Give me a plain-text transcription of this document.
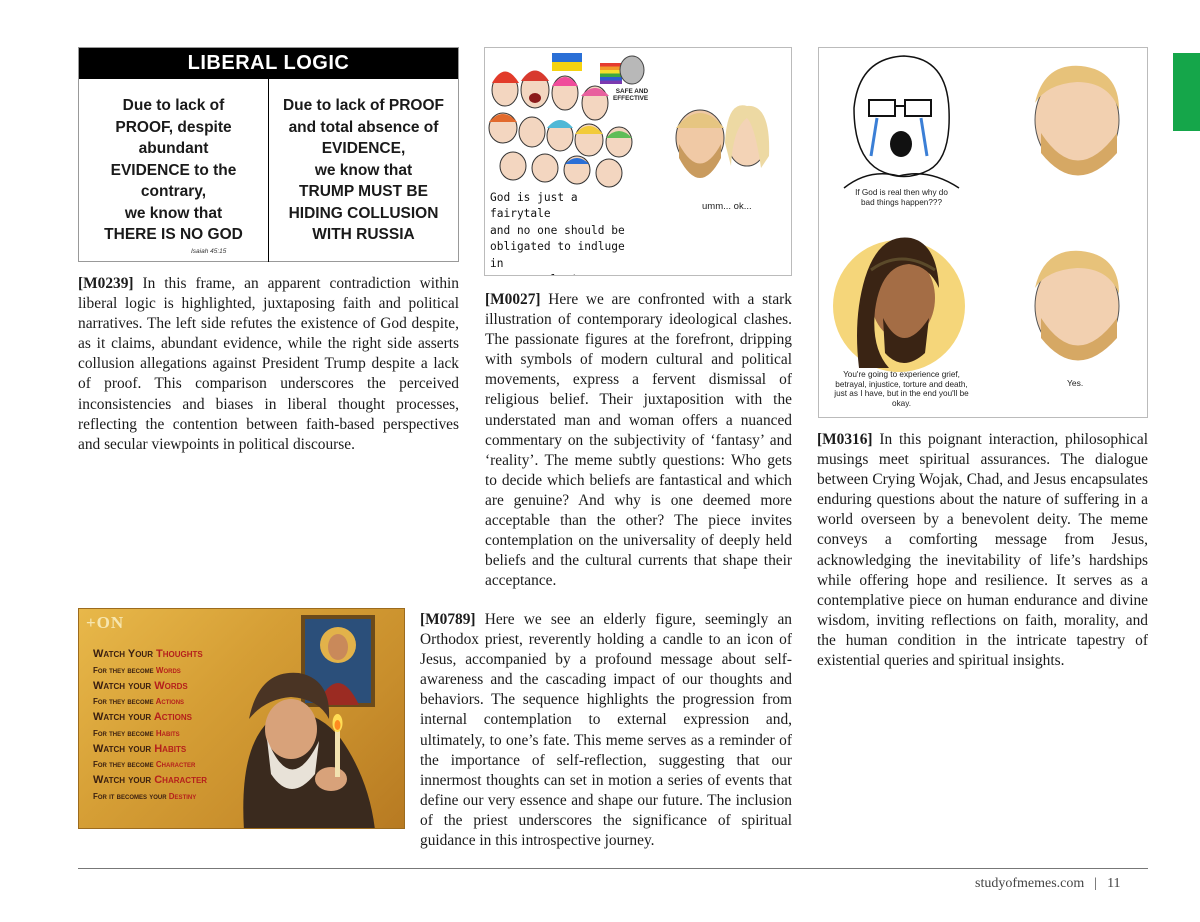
LIBERAL LOGIC
Due to lack of
PROOF, despite
abundant
EVIDENCE to the
contrary,
we know that
THERE IS NO GOD
Due to lack of PROOF
and total absence of
EVIDENCE,
we know that
TRUMP MUST BE
HIDING COLLUSION
WITH RUSSIA
Isaiah 45:15
SAFE AND
EFFECTIVE
God is just a fairytale
and no one should be
obligated to indluge in
umm... ok...
If God is real then why do
bad things happen???
You're going to experience grief,
betrayal, injustice, torture and death,
just as I have, but in the end you'll be
okay.
Yes.
+ON
Watch Your Thoughts
For they become Words
Watch your Words
For they become Actions
Watch your Actions
For they become Habits
Watch your Habits
For they become Character
Watch your Character
For it becomes your Destiny
[M0239] In this frame, an apparent contradiction within liberal logic is highlighted, juxtaposing faith and political narratives. The left side refutes the existence of God despite, as it claims, abundant evidence, while the right side asserts collusion allegations against President Trump despite a lack of proof. This comparison underscores the perceived inconsistencies and biases in liberal thought processes, reflecting the contention between faith-based perspectives and secular viewpoints in political discourse.
[M0027] Here we are confronted with a stark illustration of contemporary ideological clashes. The passionate figures at the forefront, dripping with symbols of modern cultural and political movements, express a fervent dismissal of religious belief. Their juxtaposition with the understated man and woman offers a nuanced commentary on the subjectivity of ‘fantasy’ and ‘reality’. The meme subtly questions: Who gets to decide which beliefs are fantastical and which are genuine? And why is one deemed more acceptable than the other? The piece invites contemplation on the universality of deeply held beliefs and the cultural currents that shape their acceptance.
[M0316] In this poignant interaction, philosophical musings meet spiritual assurances. The dialogue between Crying Wojak, Chad, and Jesus encapsulates enduring questions about the nature of suffering in a world overseen by a benevolent deity. The meme conveys a comforting message from Jesus, acknowledging the inevitability of life’s hardships while offering hope and resilience. It serves as a contemplative piece on human endurance and divine wisdom, inviting reflections on faith, morality, and the human condition in the intricate tapestry of existential queries and spiritual insights.
[M0789] Here we see an elderly figure, seemingly an Orthodox priest, reverently holding a candle to an icon of Jesus, accompanied by a profound message about self-awareness and the cascading impact of our thoughts and behaviors. The sequence highlights the progression from internal contemplation to external expression and, ultimately, to one’s fate. This meme serves as a reminder of the importance of self-reflection, suggesting that our innermost thoughts can set in motion a series of events that define our very essence and shape our future. The inclusion of the priest underscores the significance of spiritual guidance in this introspective journey.
studyofmemes.com | 11
